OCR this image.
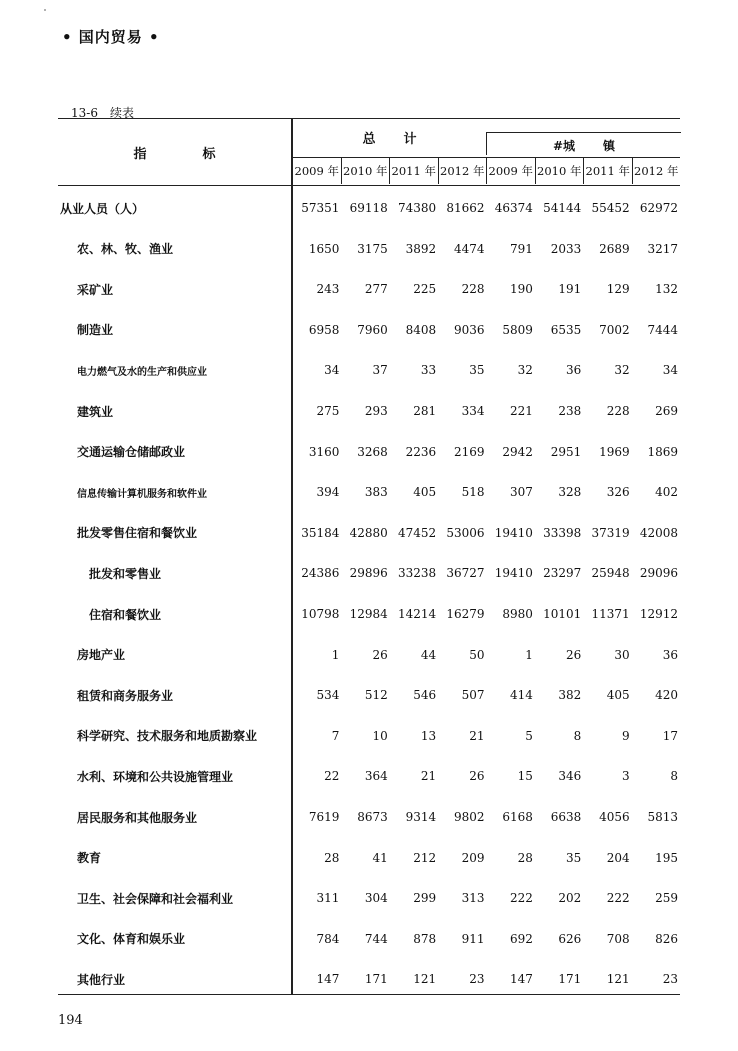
• 国内贸易 •
13-6 续表
指	标
总 计	#城 镇
2009 年 2010 年 2011 年 2012 年 2009 年 2010 年 2011 年 2012 年
从业人员（人）	57351 69118 74380 81662 46374 54144 55452 62972
农、林、牧、渔业	1650	3175	3892	4474	791	2033	2689	3217
采矿业	243	277	225	228	190	191	129	132
制造业	6958	7960	8408	9036	5809	6535	7002	7444
电力燃气及水的生产和供应业	34	37	33	35	32	36	32	34
建筑业	275	293	281	334	221	238	228	269
交通运输仓储邮政业	3160	3268	2236	2169	2942	2951	1969	1869
信息传输计算机服务和软件业	394	383	405	518	307	328	326	402
批发零售住宿和餐饮业	35184 42880 47452 53006 19410 33398 37319 42008
批发和零售业	24386 29896 33238 36727 19410 23297 25948 29096
住宿和餐饮业	10798 12984 14214 16279	8980 10101 11371 12912
房地产业	1	26	44	50	1	26	30	36
租赁和商务服务业	534	512	546	507	414	382	405	420
科学研究、技术服务和地质勘察业	7	10	13	21	5	8	9	17
水利、环境和公共设施管理业	22	364	21	26	15	346	3	8
居民服务和其他服务业	7619	8673	9314	9802	6168	6638	4056	5813
教育	28	41	212	209	28	35	204	195
卫生、社会保障和社会福利业	311	304	299	313	222	202	222	259
文化、体育和娱乐业	784	744	878	911	692	626	708	826
其他行业	147	171	121	23	147	171	121	23
194
